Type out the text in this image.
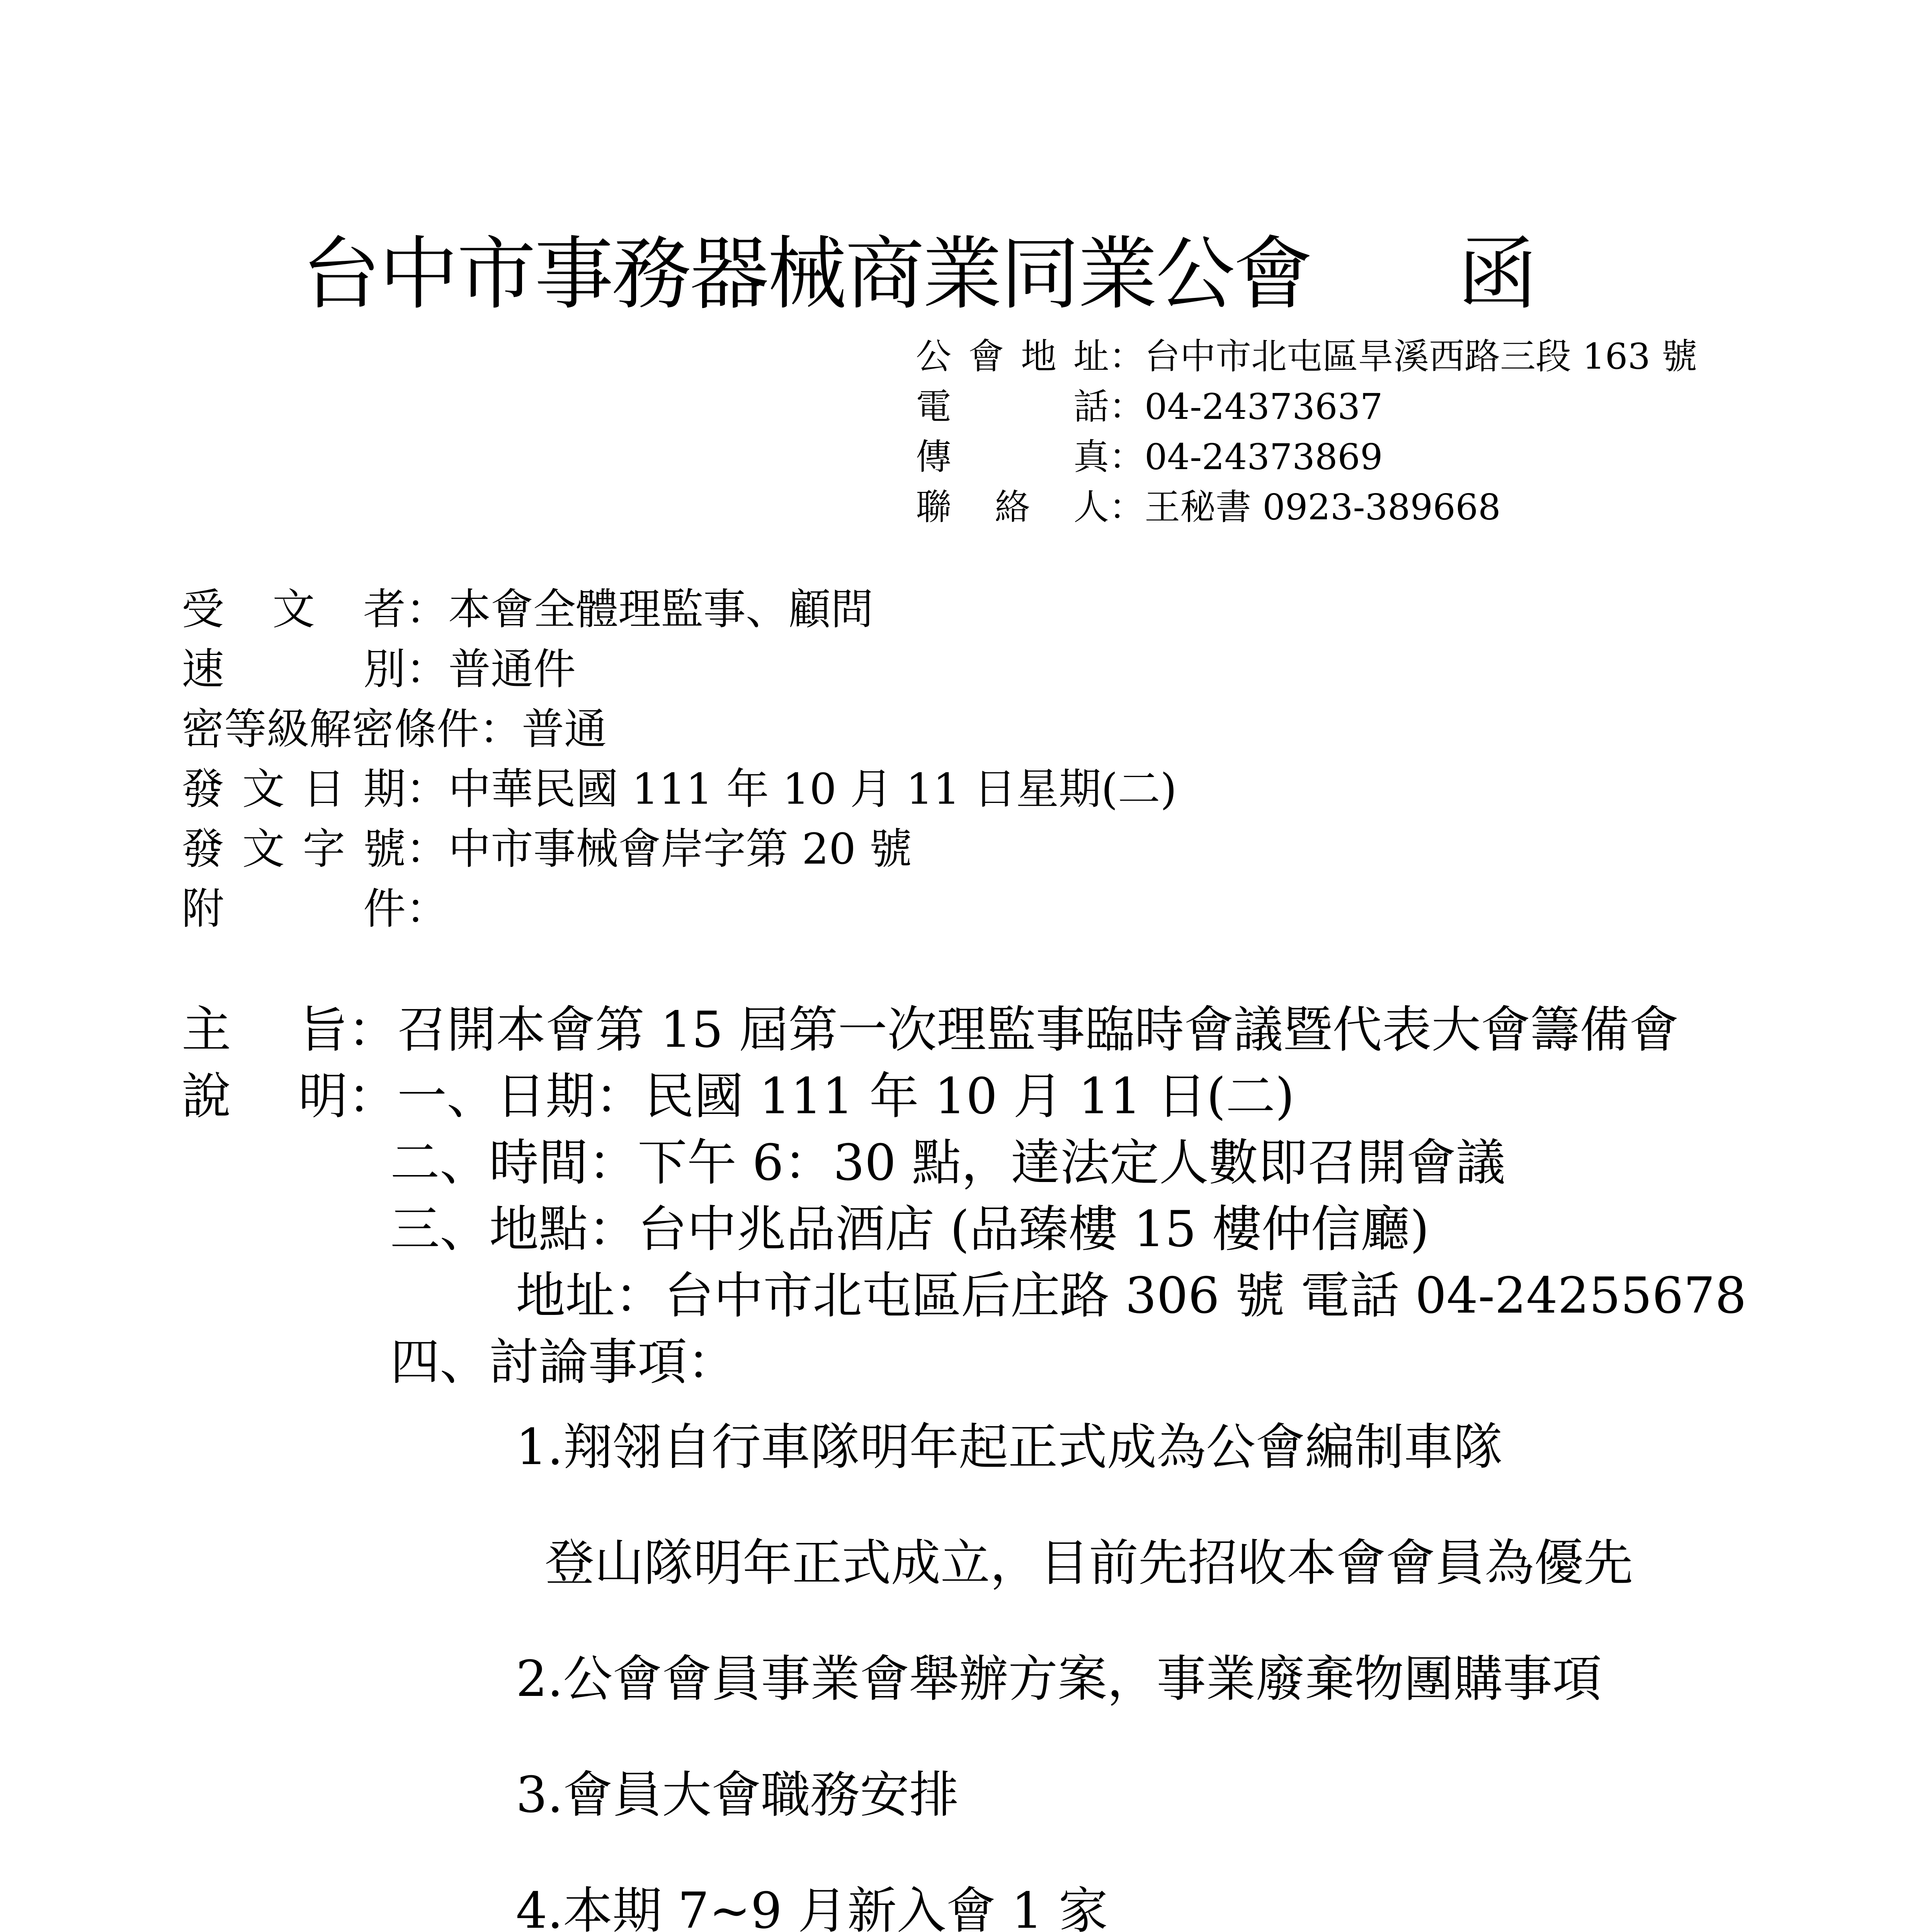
台中市事務器械商業同業公會 函
公會地址：台中市北屯區旱溪西路三段 163 號
電　　話：04-24373637
傳　　真：04-24373869
聯 絡 人：王秘書 0923-389668
受 文 者：本會全體理監事、顧問
速　　別：普通件
密等級解密條件：普通
發文日期：中華民國 111 年 10 月 11 日星期(二)
發文字號：中市事械會岸字第 20 號
附　　件：
主　旨：召開本會第 15 屆第一次理監事臨時會議暨代表大會籌備會
說　明：一、日期：民國 111 年 10 月 11 日(二)
二、時間：下午 6：30 點，達法定人數即召開會議
三、地點：台中兆品酒店 (品臻樓 15 樓仲信廳)
地址：台中市北屯區后庄路 306 號 電話 04-24255678
四、討論事項：
1.翔翎自行車隊明年起正式成為公會編制車隊
登山隊明年正式成立，目前先招收本會會員為優先
2.公會會員事業會舉辦方案，事業廢棄物團購事項
3.會員大會職務安排
4.本期 7~9 月新入會 1 家
